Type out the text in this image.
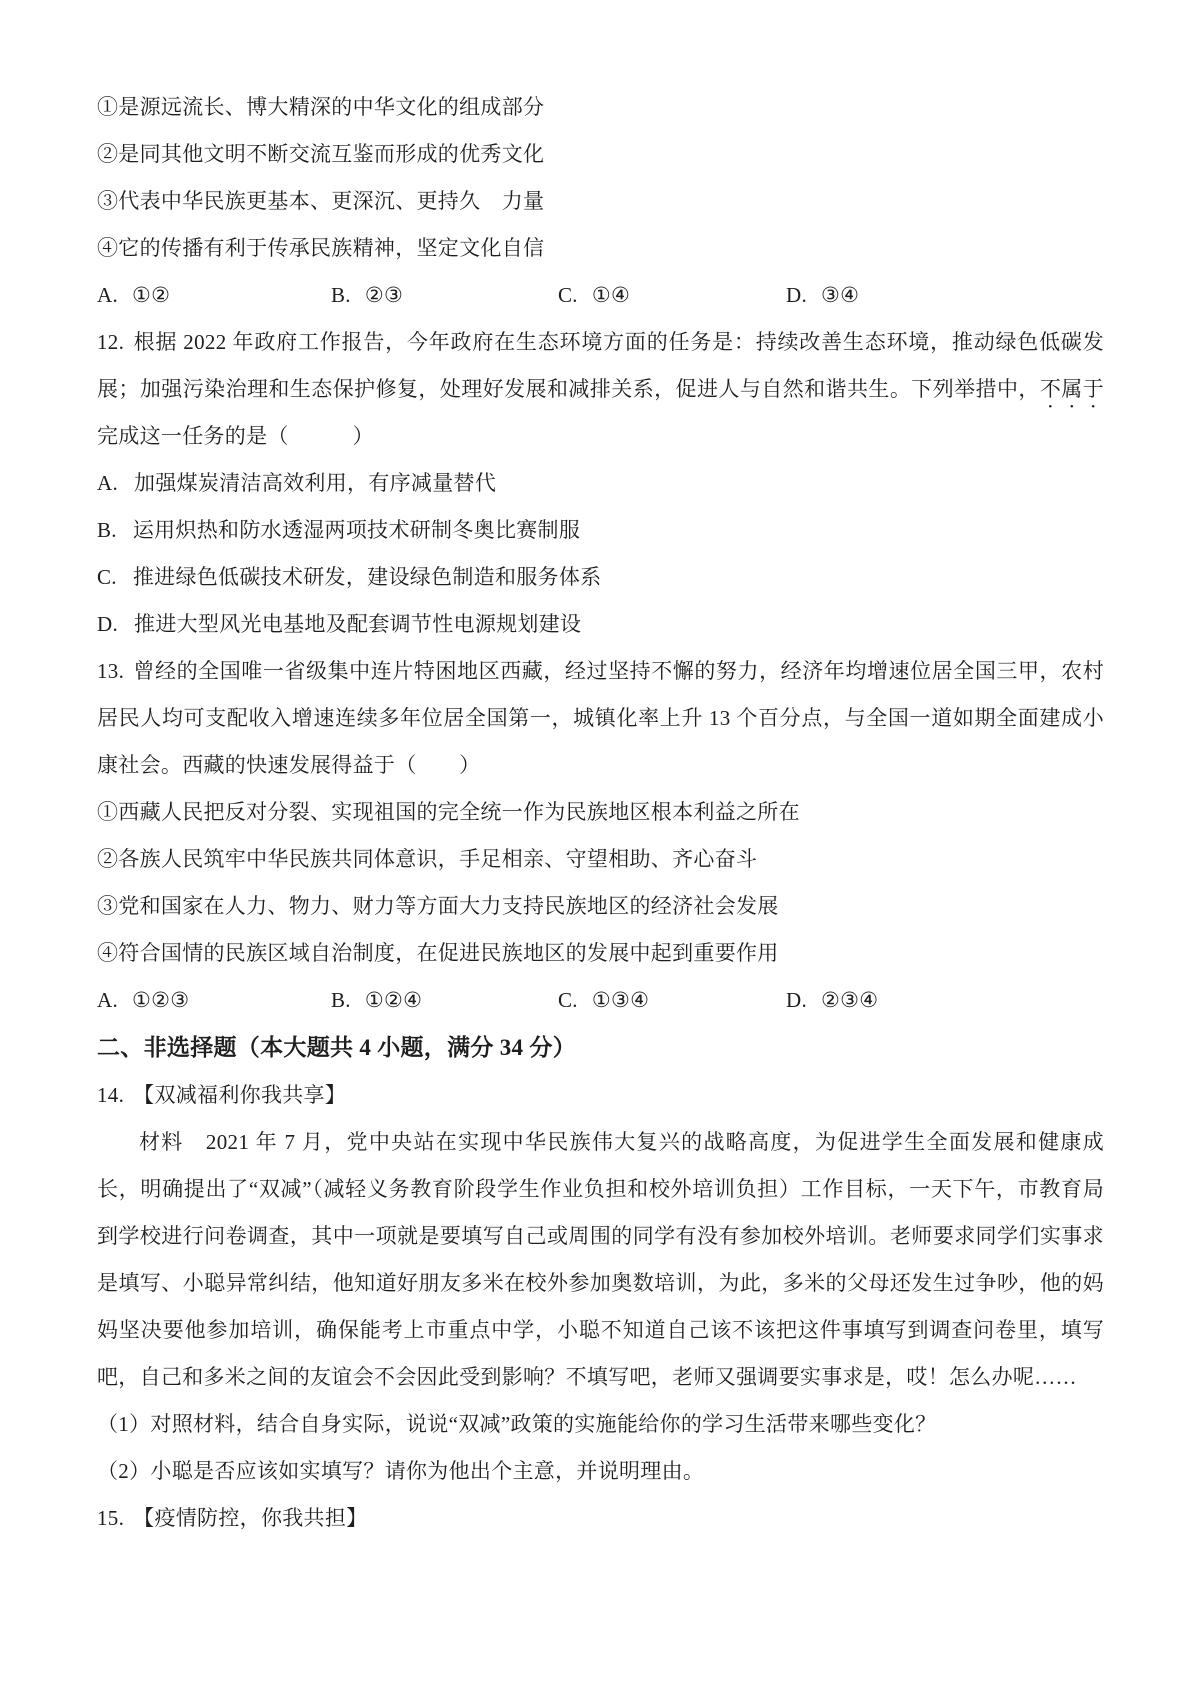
①是源远流长、博大精深的中华文化的组成部分

②是同其他文明不断交流互鉴而形成的优秀文化

③代表中华民族更基本、更深沉、更持久　力量

④它的传播有利于传承民族精神，坚定文化自信

A. ①②	B. ②③	C. ①④	D. ③④

12. 根据 2022 年政府工作报告，今年政府在生态环境方面的任务是：持续改善生态环境，推动绿色低碳发展；加强污染治理和生态保护修复，处理好发展和减排关系，促进人与自然和谐共生。下列举措中，不属于完成这一任务的是（　　　）

A. 加强煤炭清洁高效利用，有序减量替代

B. 运用炽热和防水透湿两项技术研制冬奥比赛制服

C. 推进绿色低碳技术研发，建设绿色制造和服务体系

D. 推进大型风光电基地及配套调节性电源规划建设

13. 曾经的全国唯一省级集中连片特困地区西藏，经过坚持不懈的努力，经济年均增速位居全国三甲，农村居民人均可支配收入增速连续多年位居全国第一，城镇化率上升 13 个百分点，与全国一道如期全面建成小康社会。西藏的快速发展得益于（　　）

①西藏人民把反对分裂、实现祖国的完全统一作为民族地区根本利益之所在

②各族人民筑牢中华民族共同体意识，手足相亲、守望相助、齐心奋斗

③党和国家在人力、物力、财力等方面大力支持民族地区的经济社会发展

④符合国情的民族区域自治制度，在促进民族地区的发展中起到重要作用

A. ①②③	B. ①②④	C. ①③④	D. ②③④

二、非选择题（本大题共 4 小题，满分 34 分）

14. 【双减福利你我共享】

材料　2021 年 7 月，党中央站在实现中华民族伟大复兴的战略高度，为促进学生全面发展和健康成长，明确提出了“双减”（减轻义务教育阶段学生作业负担和校外培训负担）工作目标，一天下午，市教育局到学校进行问卷调查，其中一项就是要填写自己或周围的同学有没有参加校外培训。老师要求同学们实事求是填写、小聪异常纠结，他知道好朋友多米在校外参加奥数培训，为此，多米的父母还发生过争吵，他的妈妈坚决要他参加培训，确保能考上市重点中学，小聪不知道自己该不该把这件事填写到调查问卷里，填写吧，自己和多米之间的友谊会不会因此受到影响？不填写吧，老师又强调要实事求是，哎！怎么办呢……

（1）对照材料，结合自身实际，说说“双减”政策的实施能给你的学习生活带来哪些变化？

（2）小聪是否应该如实填写？请你为他出个主意，并说明理由。

15. 【疫情防控，你我共担】
